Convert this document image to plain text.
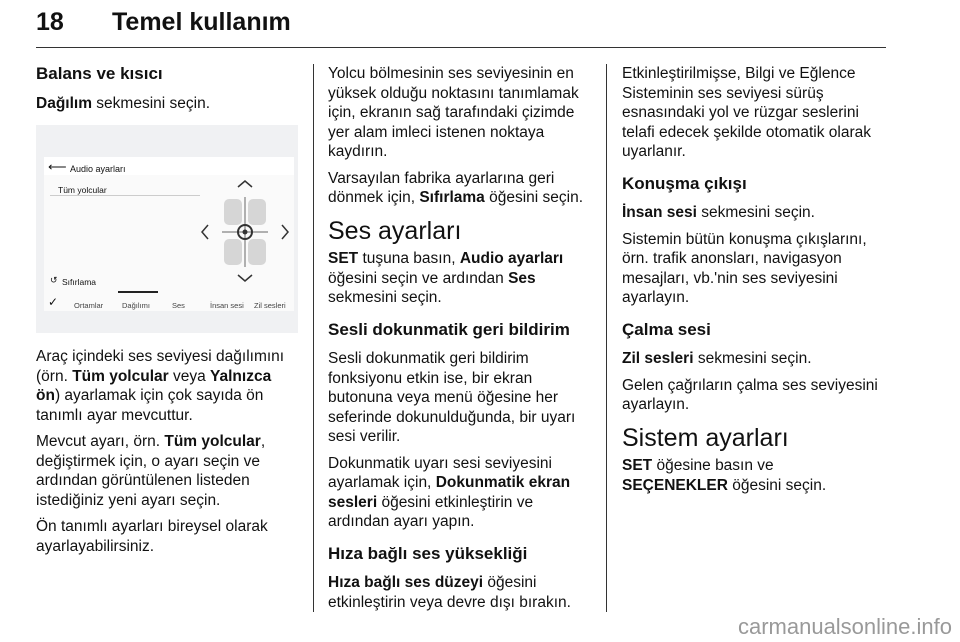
18 Temel kullanım
Balans ve kısıcı

Dağılım sekmesini seçin.

⟵ Audio ayarları
Tüm yolcular
↺ Sıfırlama
✓ Ortamlar	Dağılımı	Ses	İnsan sesi Zil sesleri

Araç içindeki ses seviyesi dağılımını (örn. Tüm yolcular veya Yalnızca ön) ayarlamak için çok sayıda ön tanımlı ayar mevcuttur.

Mevcut ayarı, örn. Tüm yolcular, değiştirmek için, o ayarı seçin ve ardından görüntülenen listeden istediğiniz yeni ayarı seçin.

Ön tanımlı ayarları bireysel olarak ayarlayabilirsiniz.

Yolcu bölmesinin ses seviyesinin en yüksek olduğu noktasını tanımlamak için, ekranın sağ tarafındaki çizimde yer alam imleci istenen noktaya kaydırın.

Varsayılan fabrika ayarlarına geri dönmek için, Sıfırlama öğesini seçin.

Ses ayarları

SET tuşuna basın, Audio ayarları öğesini seçin ve ardından Ses sekmesini seçin.

Sesli dokunmatik geri bildirim

Sesli dokunmatik geri bildirim fonksiyonu etkin ise, bir ekran butonuna veya menü öğesine her seferinde dokunulduğunda, bir uyarı sesi verilir.

Dokunmatik uyarı sesi seviyesini ayarlamak için, Dokunmatik ekran sesleri öğesini etkinleştirin ve ardından ayarı yapın.

Hıza bağlı ses yüksekliği

Hıza bağlı ses düzeyi öğesini etkinleştirin veya devre dışı bırakın.

Etkinleştirilmişse, Bilgi ve Eğlence Sisteminin ses seviyesi sürüş esnasındaki yol ve rüzgar seslerini telafi edecek şekilde otomatik olarak uyarlanır.

Konuşma çıkışı

İnsan sesi sekmesini seçin.

Sistemin bütün konuşma çıkışlarını, örn. trafik anonsları, navigasyon mesajları, vb.'nin ses seviyesini ayarlayın.

Çalma sesi

Zil sesleri sekmesini seçin.

Gelen çağrıların çalma ses seviyesini ayarlayın.

Sistem ayarları

SET öğesine basın ve
SEÇENEKLER öğesini seçin.

carmanualsonline.info
